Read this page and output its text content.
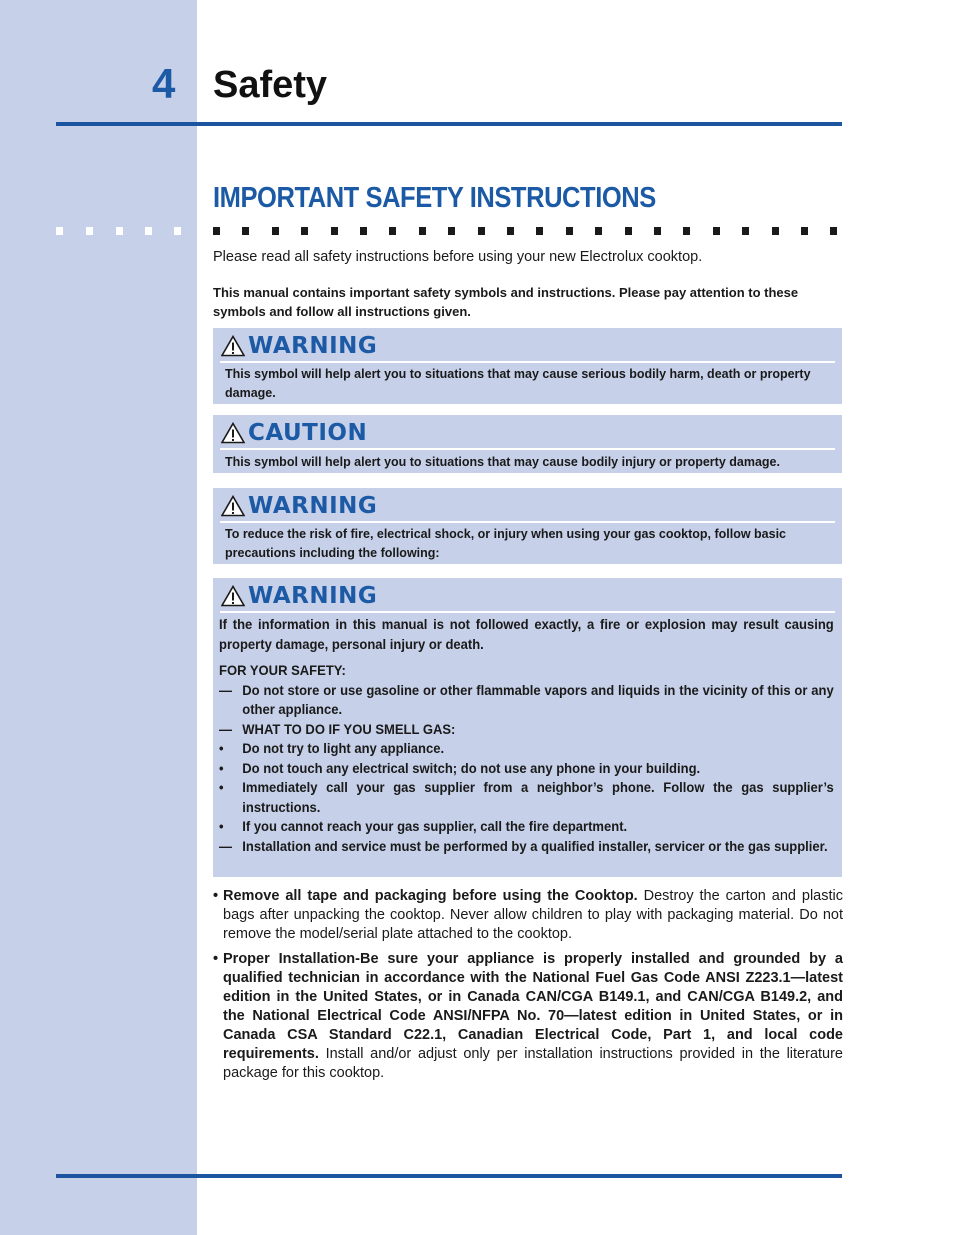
4 Safety
IMPORTANT SAFETY INSTRUCTIONS
Please read all safety instructions before using your new Electrolux cooktop.
This manual contains important safety symbols and instructions. Please pay attention to these symbols and follow all instructions given.
WARNING
This symbol will help alert you to situations that may cause serious bodily harm, death or property damage.
CAUTION
This symbol will help alert you to situations that may cause bodily injury or property damage.
WARNING
To reduce the risk of fire, electrical shock, or injury when using your gas cooktop, follow basic precautions including the following:
WARNING

If the information in this manual is not followed exactly, a fire or explosion may result causing property damage, personal injury or death.

FOR YOUR SAFETY:

— Do not store or use gasoline or other flammable vapors and liquids in the vicinity of this or any other appliance.
— WHAT TO DO IF YOU SMELL GAS:
•	Do not try to light any appliance.
•	Do not touch any electrical switch; do not use any phone in your building.
•	Immediately call your gas supplier from a neighbor’s phone. Follow the gas supplier’s instructions.
•	If you cannot reach your gas supplier, call the fire department.
— Installation and service must be performed by a qualified installer, servicer or the gas supplier.
• Remove all tape and packaging before using the Cooktop. Destroy the carton and plastic bags after unpacking the cooktop. Never allow children to play with packaging material. Do not remove the model/serial plate attached to the cooktop.
• Proper Installation-Be sure your appliance is properly installed and grounded by a qualified technician in accordance with the National Fuel Gas Code ANSI Z223.1—latest edition in the United States, or in Canada CAN/CGA B149.1, and CAN/CGA B149.2, and the National Electrical Code ANSI/NFPA No. 70—latest edition in United States, or in Canada CSA Standard C22.1, Canadian Electrical Code, Part 1, and local code requirements. Install and/or adjust only per installation instructions provided in the literature package for this cooktop.
